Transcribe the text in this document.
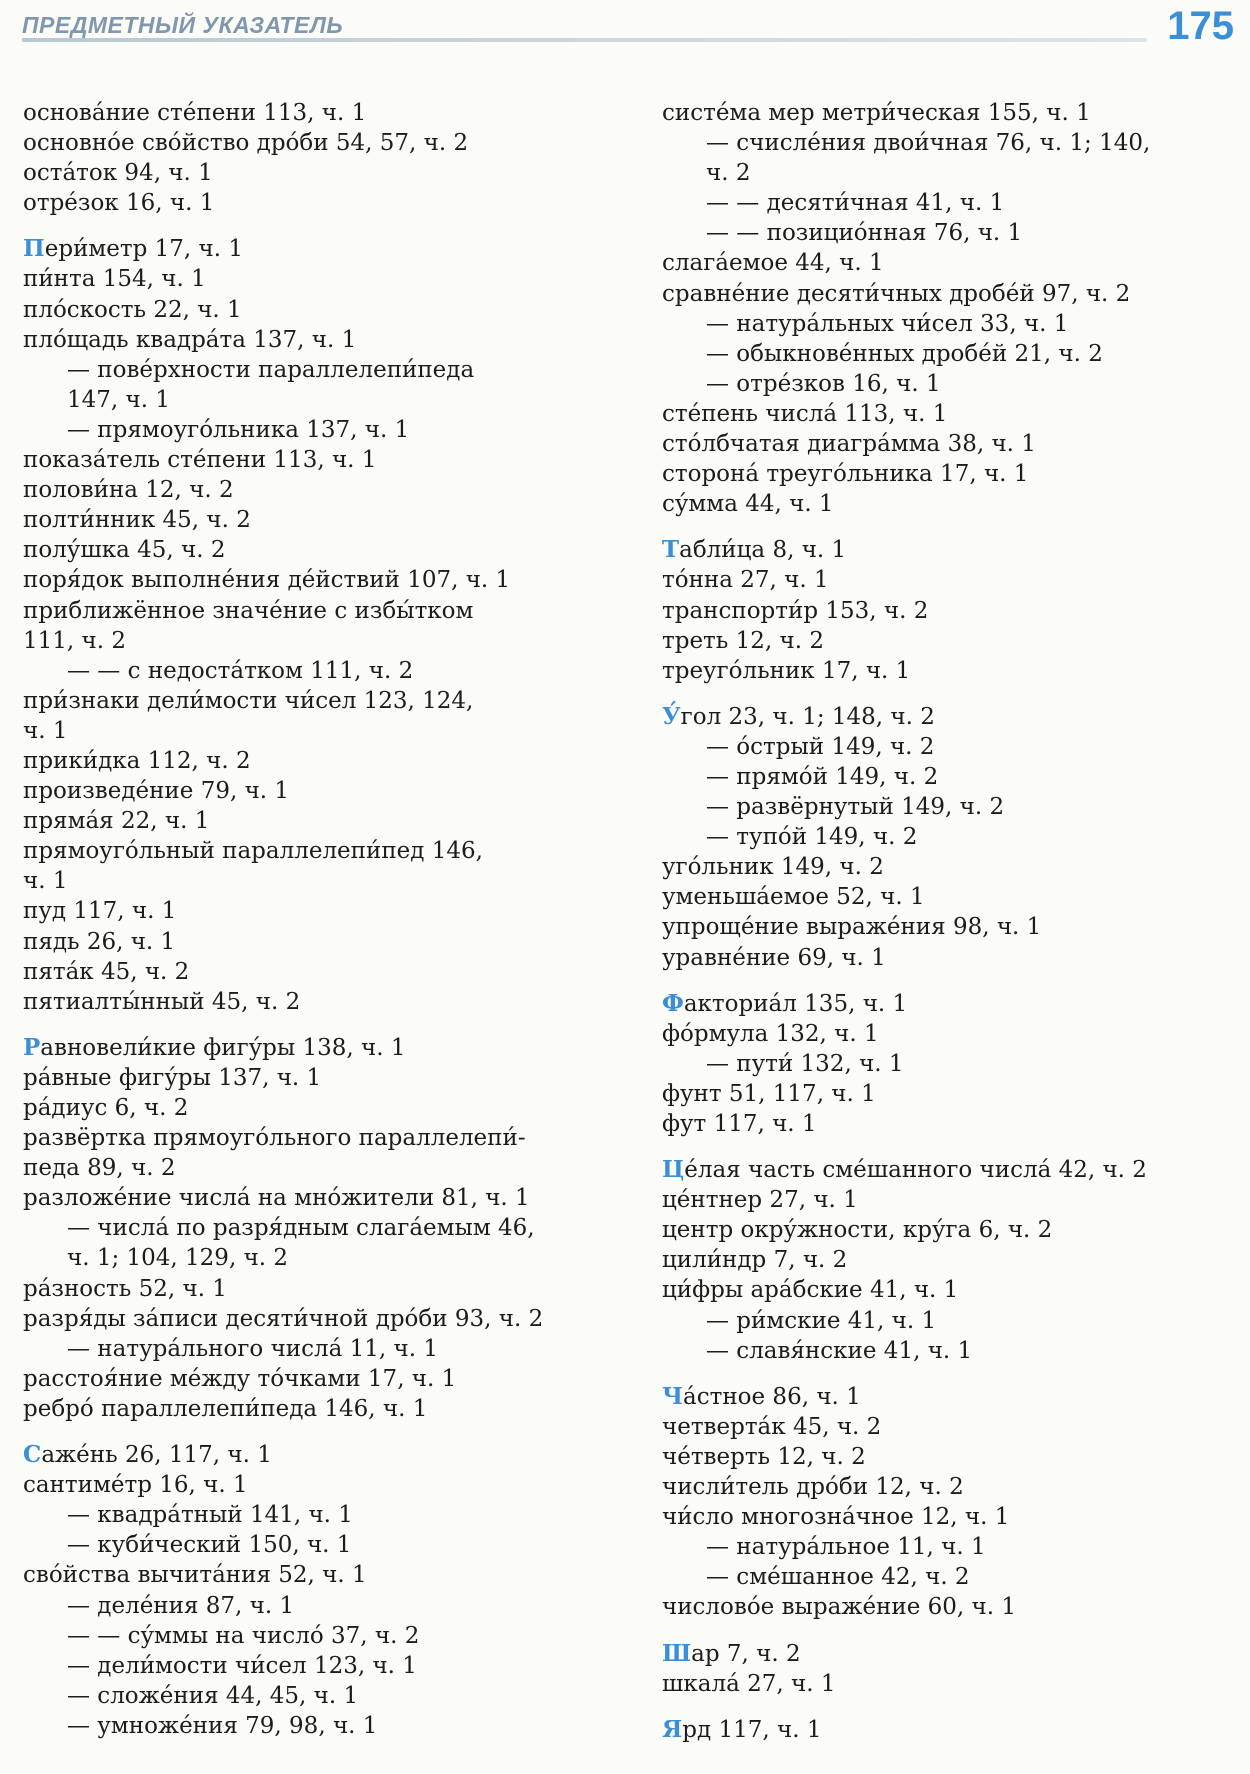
ПРЕДМЕТНЫЙ УКАЗАТЕЛЬ	175
основа́ние сте́пени 113, ч. 1
основно́е сво́йство дро́би 54, 57, ч. 2
оста́ток 94, ч. 1
отре́зок 16, ч. 1
Пери́метр 17, ч. 1
пи́нта 154, ч. 1
пло́скость 22, ч. 1
пло́щадь квадра́та 137, ч. 1
— пове́рхности параллелепи́педа
147, ч. 1
— прямоуго́льника 137, ч. 1
показа́тель сте́пени 113, ч. 1
полови́на 12, ч. 2
полти́нник 45, ч. 2
полу́шка 45, ч. 2
поря́док выполне́ния де́йствий 107, ч. 1
приближённое значе́ние с избы́тком
111, ч. 2
— — с недоста́тком 111, ч. 2
при́знаки дели́мости чи́сел 123, 124,
ч. 1
прики́дка 112, ч. 2
произведе́ние 79, ч. 1
пряма́я 22, ч. 1
прямоуго́льный параллелепи́пед 146,
ч. 1
пуд 117, ч. 1
пядь 26, ч. 1
пята́к 45, ч. 2
пятиалты́нный 45, ч. 2
Равновели́кие фигу́ры 138, ч. 1
ра́вные фигу́ры 137, ч. 1
ра́диус 6, ч. 2
развёртка прямоуго́льного параллелепи́-
педа 89, ч. 2
разложе́ние числа́ на мно́жители 81, ч. 1
— числа́ по разря́дным слага́емым 46,
ч. 1; 104, 129, ч. 2
ра́зность 52, ч. 1
разря́ды за́писи десяти́чной дро́би 93, ч. 2
— натура́льного числа́ 11, ч. 1
расстоя́ние ме́жду то́чками 17, ч. 1
ребро́ параллелепи́педа 146, ч. 1
Саже́нь 26, 117, ч. 1
сантиме́тр 16, ч. 1
— квадра́тный 141, ч. 1
— куби́ческий 150, ч. 1
сво́йства вычита́ния 52, ч. 1
— деле́ния 87, ч. 1
— — су́ммы на число́ 37, ч. 2
— дели́мости чи́сел 123, ч. 1
— сложе́ния 44, 45, ч. 1
— умноже́ния 79, 98, ч. 1
систе́ма мер метри́ческая 155, ч. 1
— счисле́ния двои́чная 76, ч. 1; 140,
ч. 2
— — десяти́чная 41, ч. 1
— — позицио́нная 76, ч. 1
слага́емое 44, ч. 1
сравне́ние десяти́чных дробе́й 97, ч. 2
— натура́льных чи́сел 33, ч. 1
— обыкнове́нных дробе́й 21, ч. 2
— отре́зков 16, ч. 1
сте́пень числа́ 113, ч. 1
сто́лбчатая диагра́мма 38, ч. 1
сторона́ треуго́льника 17, ч. 1
су́мма 44, ч. 1
Табли́ца 8, ч. 1
то́нна 27, ч. 1
транспорти́р 153, ч. 2
треть 12, ч. 2
треуго́льник 17, ч. 1
У́гол 23, ч. 1; 148, ч. 2
— о́стрый 149, ч. 2
— прямо́й 149, ч. 2
— развёрнутый 149, ч. 2
— тупо́й 149, ч. 2
уго́льник 149, ч. 2
уменьша́емое 52, ч. 1
упроще́ние выраже́ния 98, ч. 1
уравне́ние 69, ч. 1
Факториа́л 135, ч. 1
фо́рмула 132, ч. 1
— пути́ 132, ч. 1
фунт 51, 117, ч. 1
фут 117, ч. 1
Це́лая часть сме́шанного числа́ 42, ч. 2
це́нтнер 27, ч. 1
центр окру́жности, кру́га 6, ч. 2
цили́ндр 7, ч. 2
ци́фры ара́бские 41, ч. 1
— ри́мские 41, ч. 1
— славя́нские 41, ч. 1
Ча́стное 86, ч. 1
четверта́к 45, ч. 2
че́тверть 12, ч. 2
числи́тель дро́би 12, ч. 2
чи́сло многозна́чное 12, ч. 1
— натура́льное 11, ч. 1
— сме́шанное 42, ч. 2
числово́е выраже́ние 60, ч. 1
Шар 7, ч. 2
шкала́ 27, ч. 1
Ярд 117, ч. 1
